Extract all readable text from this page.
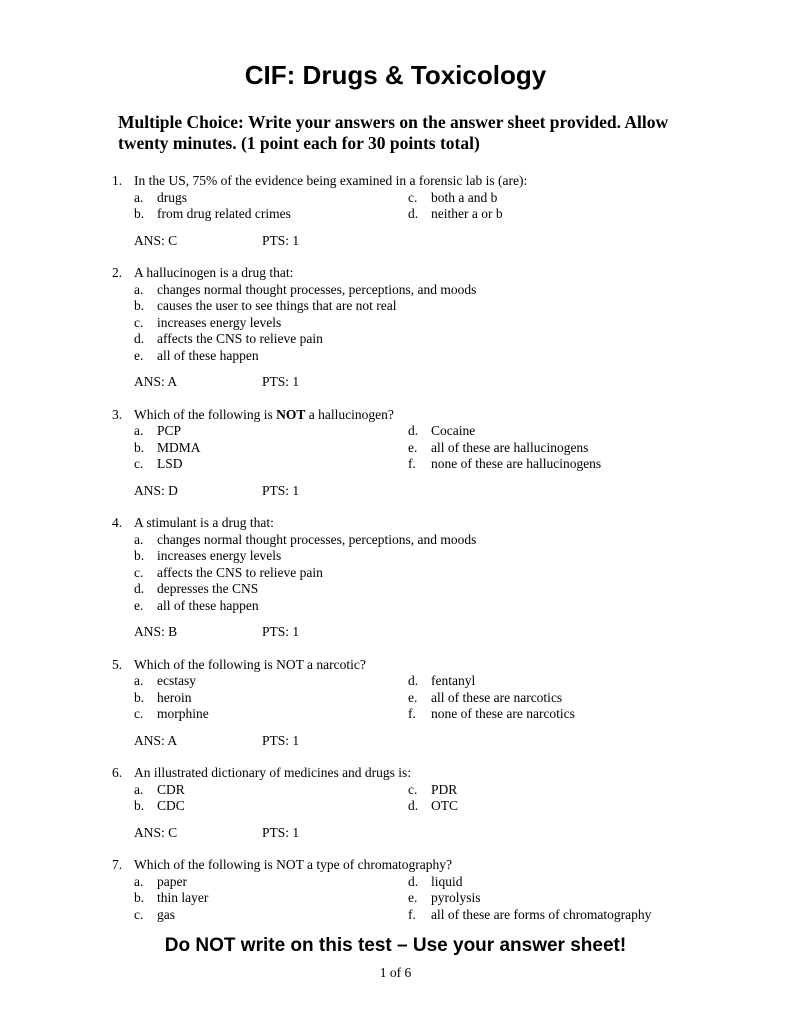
CIF: Drugs & Toxicology
Multiple Choice: Write your answers on the answer sheet provided. Allow twenty minutes. (1 point each for 30 points total)
1. In the US, 75% of the evidence being examined in a forensic lab is (are):
a. drugs	c. both a and b
b. from drug related crimes	d. neither a or b
ANS: C	PTS: 1
2. A hallucinogen is a drug that:
a. changes normal thought processes, perceptions, and moods
b. causes the user to see things that are not real
c. increases energy levels
d. affects the CNS to relieve pain
e. all of these happen
ANS: A	PTS: 1
3. Which of the following is NOT a hallucinogen?
a. PCP	d. Cocaine
b. MDMA	e. all of these are hallucinogens
c. LSD	f. none of these are hallucinogens
ANS: D	PTS: 1
4. A stimulant is a drug that:
a. changes normal thought processes, perceptions, and moods
b. increases energy levels
c. affects the CNS to relieve pain
d. depresses the CNS
e. all of these happen
ANS: B	PTS: 1
5. Which of the following is NOT a narcotic?
a. ecstasy	d. fentanyl
b. heroin	e. all of these are narcotics
c. morphine	f. none of these are narcotics
ANS: A	PTS: 1
6. An illustrated dictionary of medicines and drugs is:
a. CDR	c. PDR
b. CDC	d. OTC
ANS: C	PTS: 1
7. Which of the following is NOT a type of chromatography?
a. paper	d. liquid
b. thin layer	e. pyrolysis
c. gas	f. all of these are forms of chromatography
Do NOT write on this test – Use your answer sheet!
1 of 6
